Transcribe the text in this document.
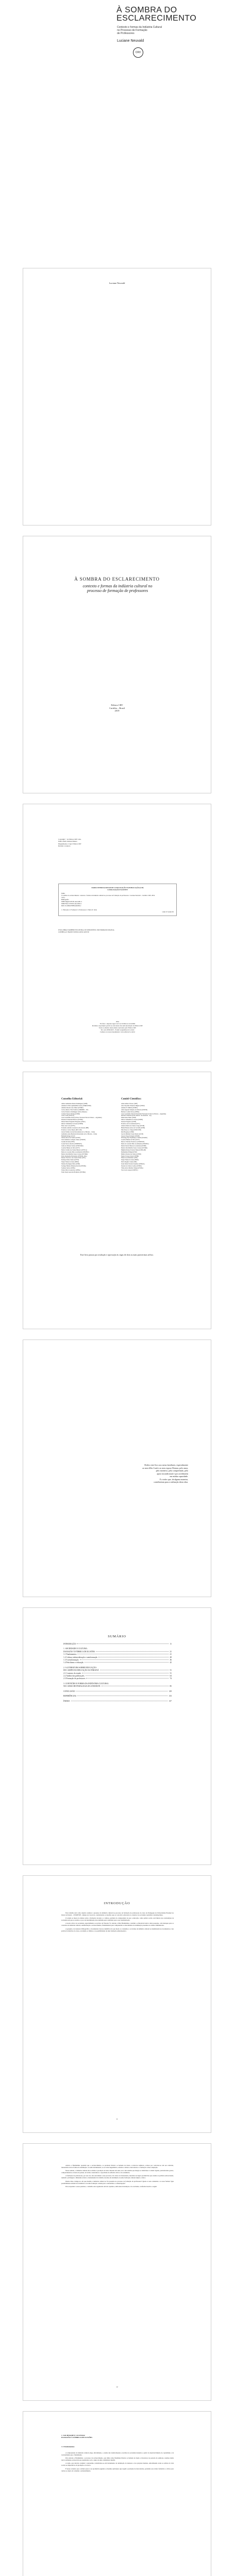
À SOMBRA DO
ESCLARECIMENTO
Contexto e formas da Indústria Cultural
no Processo de Formação
de Professores
Luciane Neuvald
CRV
Luciane Neuvald
À SOMBRA DO ESCLARECIMENTO
contexto e formas da indústria cultural no
processo de formação de professores
Editora CRV
Curitiba – Brasil
2019
Copyright © da Editora CRV Ltda.
Editor-chefe: Railson Moura
Diagramação e Capa: Editora CRV
Revisão: A Autora
DADOS INTERNACIONAIS DE CATALOGAÇÃO NA PUBLICAÇÃO (CIP)
CATALOGAÇÃO NA FONTE
N494
À sombra do esclarecimento: contexto e formas da indústria cultural no processo de formação de professores / Luciane Neuvald – Curitiba: CRV, 2019.
140 p.
Bibliografia
ISBN Digital 978-85-444-3281-5
ISBN Físico 978-85-444-3282-2
DOI 10.24824/978854443282.2
1. Educação 2. Formação 3. Professores I. Título II. Série
CDU 37 CDD 370
ESTA OBRA TAMBÉM ENCONTRA-SE DISPONÍVEL EM FORMATO DIGITAL.
CONHEÇA E BAIXE NOSSO APLICATIVO!
2019
Foi feito o depósito legal conf. Lei 10.994 de 14/12/2004
Proibida a reprodução parcial ou total desta obra sem autorização da Editora CRV
Todos os direitos desta edição reservados pela: Editora CRV
Tel.: (41) 3039-6418 – E-mail: sac@editoracrv.com.br
Conheça os nossos lançamentos: www.editoracrv.com.br
Conselho Editorial:	Comitê Científico:
Aldira Guimarães Duarte Domínguez (UNB)
Andréia da Silva Quintanilha Sousa (UNIR/UFRN)
Antônio Pereira Gaio Júnior (UFRRJ)
Carlos Alberto Vilar Estêvão (UMINHO – PT)
Carlos Federico Dominguez Avila (Unieuro)
Carmen Tereza Velanga (UNIR)
Celso Conti (UFSCar)
Cesar Gerónimo Tello (Univer. Nacional Três de Febrero – Argentina)
Eduardo Fernandes Barbosa (UFMG)
Elione Maria Nogueira Diogenes (UFAL)
Elizeu Clementino de Souza (UNEB)
Élsio José Corá (UFFS)
Fernando Antônio Gonçalves Alcoforado (IPB)
Francisco Carlos Duarte (PUC-PR)
Gloria Fariñas León (Universidade de La Havana – Cuba)
Guillermo Arias Beatón (Universidade de La Havana – Cuba)
Helmuth Krüger (UCP)
Jailson Alves dos Santos (UFRJ)
João Adalberto Campato Junior (UNESP)
Josania Portela (UFPI)
Leonel Severo Rocha (UNISINOS)
Lídia de Oliveira Xavier (UNIEURO)
Lourdes Helena da Silva (UFV)
Maria Cristina dos Santos Bezerra (UFSCar)
Maria de Lourdes Pinto de Almeida (UNOESC)
Maria Lília Imbiriba Sousa Colares (UFOPA)
Paulo Romualdo Hernandes (UNIFAL-MG)
Renato Francisco dos Santos Paula (UFG)
Rodrigo Pratte-Santos (UFES)
Sérgio Nunes de Jesus (IFRO)
Simone Rodrigues Pinto (UNB)
Solange Helena Ximenes-Rocha (UFOPA)
Sydione Santos (UEPG)
Tadeu Oliver Gonçalves (UFPA)
Tania Suely Azevedo Brasileiro (UFOPA)
Altair Alberto Fávero (UPF)
Ana Chrystina Venancio Mignot (UERJ)
Andréia N. Militão (UEMS)
Anna Augusta Sampaio de Oliveira (UNESP)
Barbara Coelho Neves (UFBA)
Cesar Gerónimo Tello (Universidad Nacional de Três de Febrero – Argentina)
Diosnel Centurion (Univ Americ. de Asunción – Py)
Eliane Rose Maio (UEM)
Elizeu Clementino de Souza (UNEB)
Fauston Negreiros (UFPI)
Francisco Ari de Andrade (UFC)
Gláucia Maria dos Santos Jorge (UFOP)
Helder Buenos Aires de Carvalho (UFPI)
Ilma Passos A. Veiga (UNICEUB)
Inês Bragança (UERJ)
José de Ribamar Sousa Pereira (UCB)
Jussara Fraga Portugal (UNEB)
Kilwangy Kya Kapitango-a-Samba (Unemat)
Lourdes Helena da Silva (UFV)
Marcos Vinicius Francisco (UNOESTE)
Maria de Lourdes Pinto de Almeida (UNOESC)
Maria Eurácia Barreto de Andrade (UFRB)
Maria Lília Imbiriba Sousa Colares (UFOPA)
Míghian Danae Ferreira Nunes (UNILAB)
Mohammed Elhajji (UFRJ)
Mônica Pereira dos Santos (UFRJ)
Najela Tavares Ujiie (UTFPR)
Nilson José Machado (USP)
Sérgio Nunes de Jesus (IFRO)
Silvia Regina Canan (URI)
Sonia Maria Ferreira Koehler (UNISAL)
Suzana dos Santos Gomes (UFMG)
Vânia Alves Martins Chaigar (FURG)
Vera Lucia Gaspar (UDESC)
Este livro passou por avaliação e aprovação às cegas de dois ou mais pareceristas ad hoc.
Dedico este livro aos meus familiares, especialmente
ao meu filho Cauã e ao meu esposo Diomar, pelo amor,
pelo incentivo, pela compreensão, pelo
apoio incondicional e por acreditarem
em minha capacidade.
E a todos que, de alguma maneira,
contribuíram para a realização desta obra.
SUMÁRIO
INTRODUÇÃO	11
1. SOCIEDADE E CULTURA:
DA RAZÃO À FÁBRICA DE ILUSÕES	21
1.1 Fundamentos	21
1.2 Cultura, industrialização e semiformação	28
1.3 A semiformação	36
1.4 Fetichismo e educação	42
2. A LITERATURA SOBRE EDUCAÇÃO:
DO CAMPO DA EDUCAÇÃO AO PARANÁ	51
2.1 Contexto do estudo	51
2.2 Análise das publicações	64
2.3 Formação de professores	74
3. CONTEÚDO E FORMA DA INDÚSTRIA CULTURAL
NO CURSO DE PEDAGOGIA DA UNIOESTE	85
CONCLUSÃO	129
REFERÊNCIAS	133
ÍNDICE	137
INTRODUÇÃO

Este trabalho tem como objetivo analisar a presença da indústria cultural no processo de formação de professores do curso de Pedagogia da Universidade Estadual do Oeste do Paraná – UNIOESTE, campus de Cascavel, considerando os desafios que se colocam à educação no contexto da sociedade capitalista contemporânea.

O estudo se insere no debate sobre a formação docente e a cultura, partindo da compreensão de que a educação, como prática social, está imersa nas contradições da sociedade em que se realiza e é por ela determinada, mas também pode contribuir para a sua transformação.

A teoria crítica da sociedade, especialmente os escritos de Theodor W. Adorno e Max Horkheimer, constitui o referencial teórico desta pesquisa, com destaque para os conceitos de indústria cultural, semiformação e esclarecimento, fundamentais para compreender os mecanismos de dominação presentes na cultura administrada.

A pesquisa, de natureza bibliográfica e documental, buscou identificar de que modo os conteúdos e as formas da indústria cultural se manifestam nos documentos e nas práticas formativas do curso, revelando os limites e as possibilidades de uma formação emancipadora.

11

Adorno e Horkheimer apontam que o esclarecimento, ao prometer libertar os homens do medo e torná-los senhores, acabou por converter-se em seu contrário, instaurando novas formas de dominação. A razão instrumental, ao se tornar hegemônica, reduziu a cultura a mercadoria e a formação a mera adaptação.

Nesse sentido, a indústria cultural não se limita à produção de bens culturais em série; ela é um sistema que integra os indivíduos à ordem vigente, padronizando gostos, comportamentos e modos de pensar, de forma a neutralizar a capacidade de reflexão crítica e de resistência.

A formação de professores, por sua vez, não está imune a esse processo. Os cursos de licenciatura, inseridos na lógica produtivista que orienta as políticas educacionais, tendem a privilegiar a dimensão técnica e instrumental do trabalho docente em detrimento de uma formação cultural ampla e crítica.

Diante disso, indaga-se: em que medida a indústria cultural se faz presente no processo de formação de professores? Quais os seus conteúdos e as suas formas? Que possibilidades existem de resistência e de uma formação voltada para a autonomia e a emancipação?

Para responder a essas questões, o trabalho está organizado em três capítulos, além desta introdução e da conclusão, conforme descrito a seguir.

12
1. SOCIEDADE E CULTURA:
DA RAZÃO À FÁBRICA DE ILUSÕES
1.1 Fundamentos

A compreensão da indústria cultural exige, inicialmente, o exame das transformações ocorridas na sociedade moderna a partir do desenvolvimento do capitalismo e da racionalidade que o fundamenta.

Para Adorno e Horkheimer, o processo de esclarecimento, que tinha como finalidade libertar os homens do medo e investi-los na posição de senhores, resultou numa terra totalmente esclarecida que resplandece sob o signo de uma calamidade triunfal.

A razão, que deveria conduzir à autonomia, transformou-se em instrumento de dominação da natureza e dos próprios homens, subordinando todas as esferas da vida social aos imperativos da produção e do lucro.

É nesse contexto que a cultura passa a ser produzida segundo os mesmos princípios que regem a produção de mercadorias, perdendo seu caráter formativo e crítico para tornar-se objeto de consumo e entretenimento.
